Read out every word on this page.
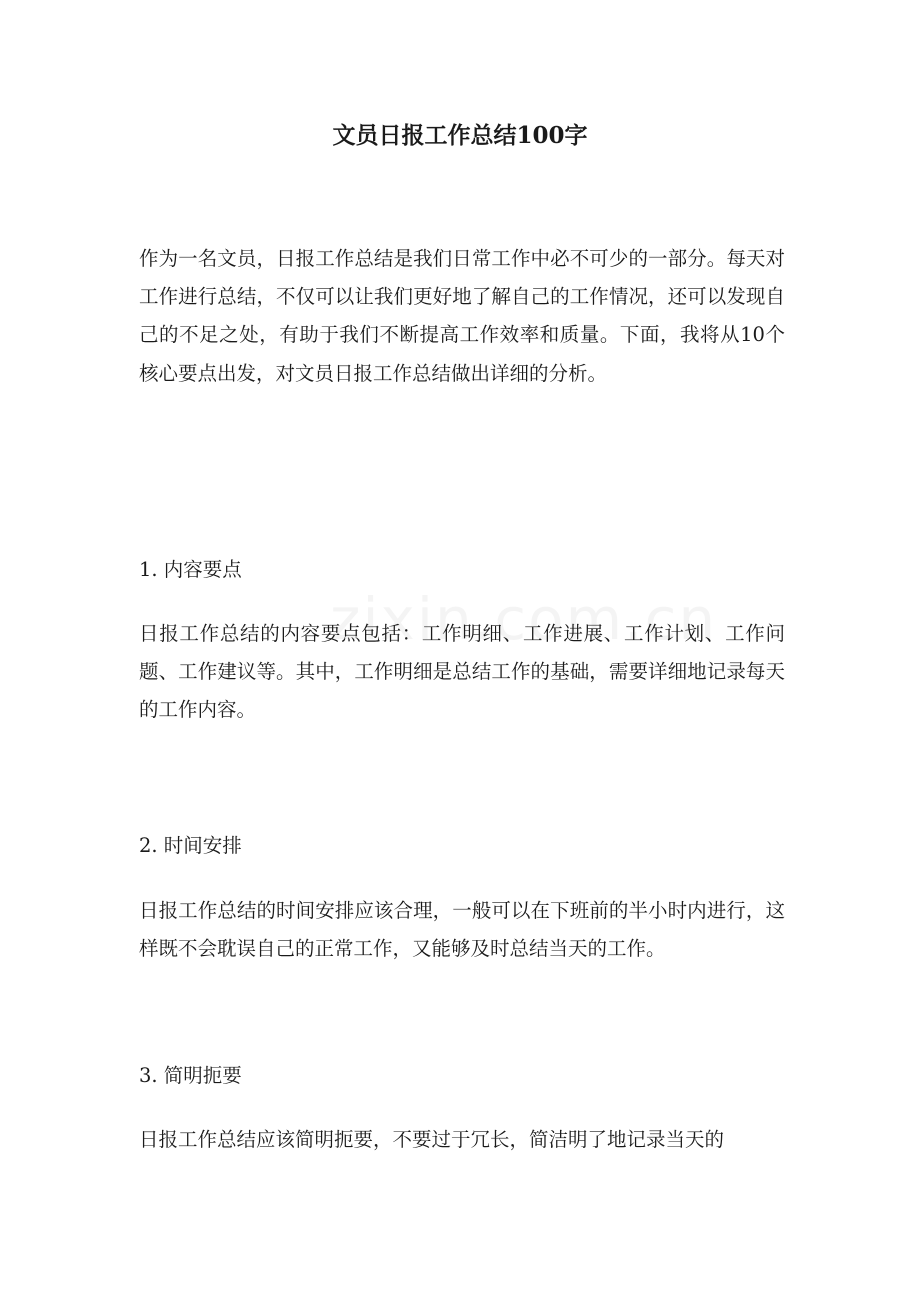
文员日报工作总结100字

作为一名文员，日报工作总结是我们日常工作中必不可少的一部分。每天对工作进行总结，不仅可以让我们更好地了解自己的工作情况，还可以发现自己的不足之处，有助于我们不断提高工作效率和质量。下面，我将从10个核心要点出发，对文员日报工作总结做出详细的分析。

1. 内容要点

日报工作总结的内容要点包括：工作明细、工作进展、工作计划、工作问题、工作建议等。其中，工作明细是总结工作的基础，需要详细地记录每天的工作内容。

2. 时间安排

日报工作总结的时间安排应该合理，一般可以在下班前的半小时内进行，这样既不会耽误自己的正常工作，又能够及时总结当天的工作。

3. 简明扼要

日报工作总结应该简明扼要，不要过于冗长，简洁明了地记录当天的
